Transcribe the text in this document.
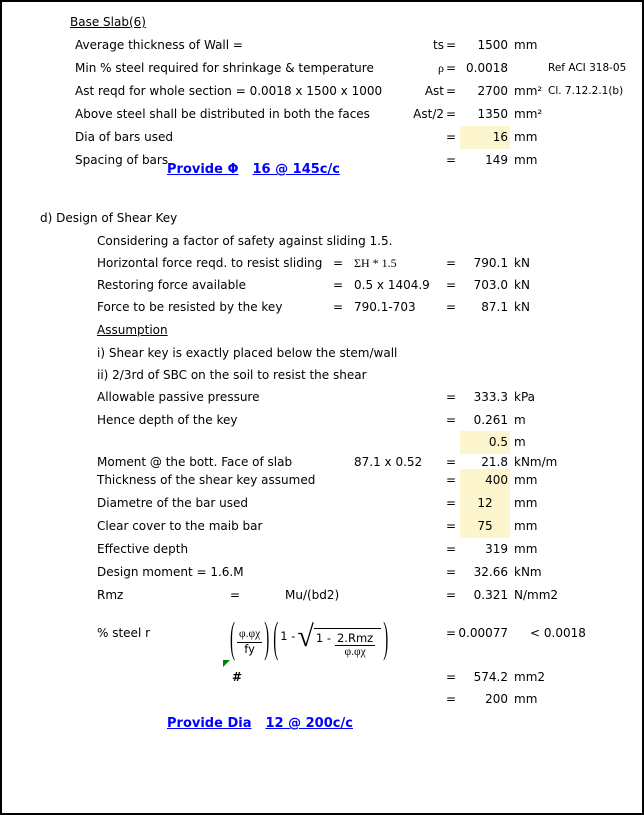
Base Slab(6)
Average thickness of Wall =	ts =	1500 mm
Min % steel required for shrinkage & temperature	ρ = 0.0018	Ref ACI 318-05
Ast reqd for whole section = 0.0018 x 1500 x 1000	Ast =	2700 mm² Cl. 7.12.2.1(b)
Above steel shall be distributed in both the faces	Ast/2 =	1350 mm²
Dia of bars used	=	16 mm
Spacing of bars	=	149 mm
Provide Φ 16 @ 145c/c
d) Design of Shear Key
Considering a factor of safety against sliding 1.5.
Horizontal force reqd. to resist sliding = ΣH * 1.5	=	790.1 kN
Restoring force available	= 0.5 x 1404.9 =	703.0 kN
Force to be resisted by the key	= 790.1-703	=	87.1 kN
Assumption
i) Shear key is exactly placed below the stem/wall
ii) 2/3rd of SBC on the soil to resist the shear
Allowable passive pressure	=	333.3 kPa
Hence depth of the key	=	0.261 m
0.5 m
Moment @ the bott. Face of slab	87.1 x 0.52 =	21.8 kNm/m
Thickness of the shear key assumed	=	400 mm
Diametre of the bar used	=	12	mm
Clear cover to the maib bar	=	75	mm
Effective depth	=	319 mm
Design moment = 1.6.M	=	32.66 kNm
Rmz	=	Mu/(bd2)	=	0.321 N/mm2
% steel r	= 0.00077 < 0.0018
( $\frac{\varphi.\varphi\chi}{fy}$ ) ( 1 - √ $1 - \frac{\text{2.Rmz}}{\varphi.\varphi\chi}$ )
#	=	574.2 mm2
=	200 mm
Provide Dia 12 @ 200c/c
